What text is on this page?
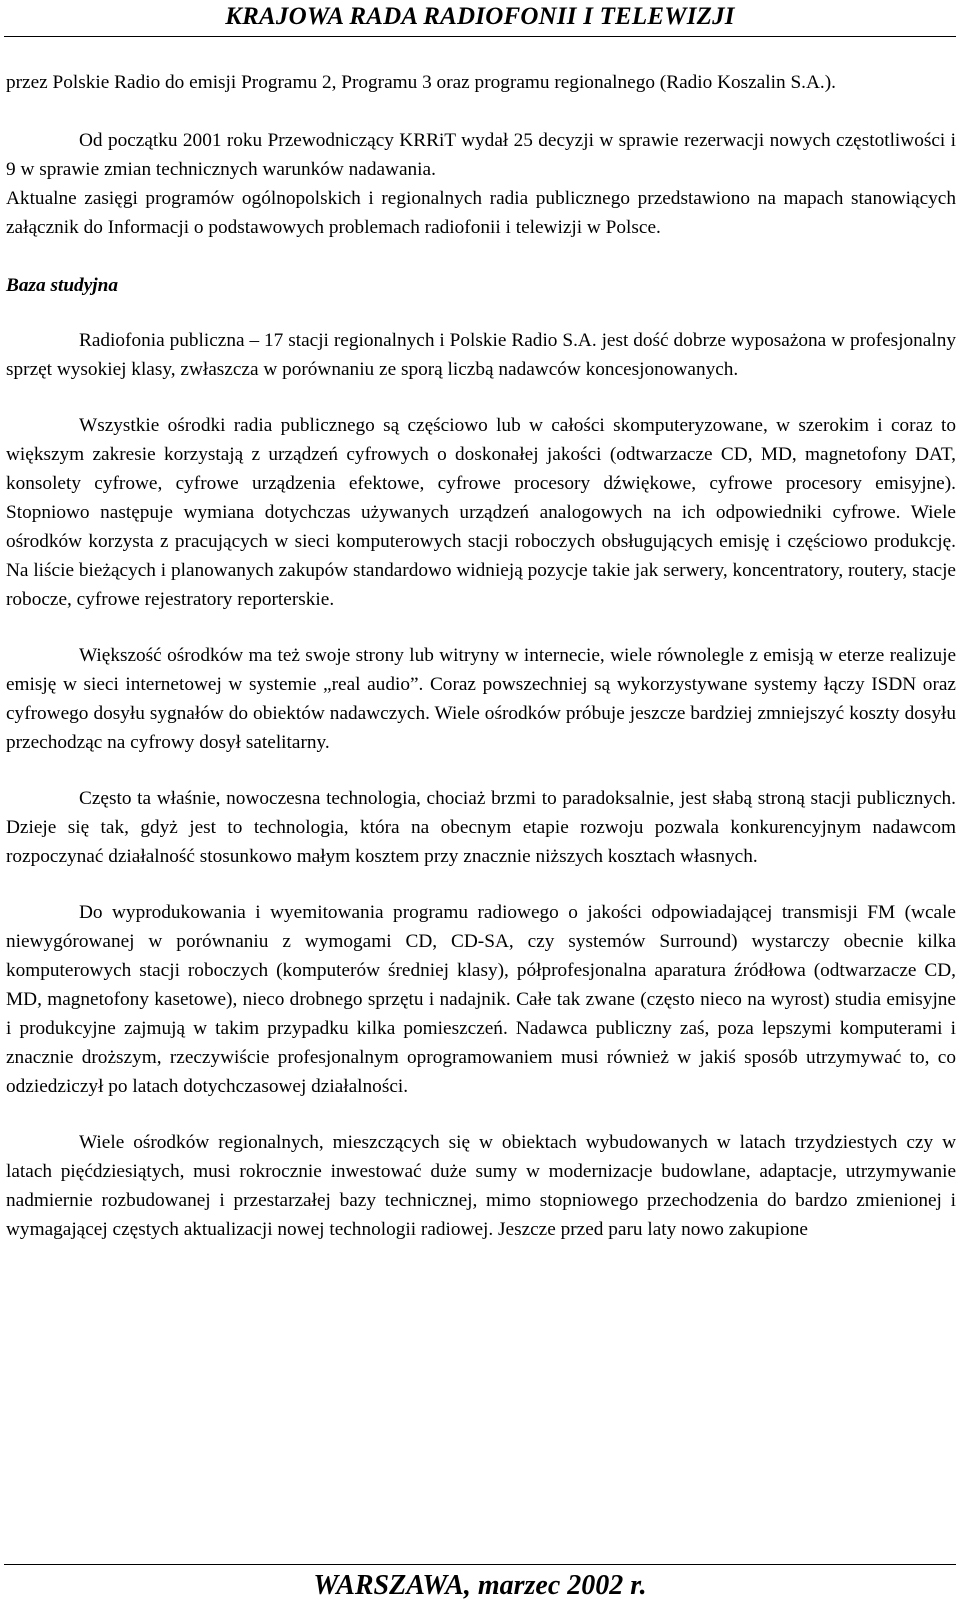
KRAJOWA RADA RADIOFONII I TELEWIZJI

przez Polskie Radio do emisji Programu 2, Programu 3 oraz programu regionalnego (Radio Koszalin S.A.).

Od początku 2001 roku Przewodniczący KRRiT wydał 25 decyzji w sprawie rezerwacji nowych częstotliwości i 9 w sprawie zmian technicznych warunków nadawania.

Aktualne zasięgi programów ogólnopolskich i regionalnych radia publicznego przedstawiono na mapach stanowiących załącznik do Informacji o podstawowych problemach radiofonii i telewizji w Polsce.

Baza studyjna

Radiofonia publiczna – 17 stacji regionalnych i Polskie Radio S.A. jest dość dobrze wyposażona w profesjonalny sprzęt wysokiej klasy, zwłaszcza w porównaniu ze sporą liczbą nadawców koncesjonowanych.

Wszystkie ośrodki radia publicznego są częściowo lub w całości skomputeryzowane, w szerokim i coraz to większym zakresie korzystają z urządzeń cyfrowych o doskonałej jakości (odtwarzacze CD, MD, magnetofony DAT, konsolety cyfrowe, cyfrowe urządzenia efektowe, cyfrowe procesory dźwiękowe, cyfrowe procesory emisyjne). Stopniowo następuje wymiana dotychczas używanych urządzeń analogowych na ich odpowiedniki cyfrowe. Wiele ośrodków korzysta z pracujących w sieci komputerowych stacji roboczych obsługujących emisję i częściowo produkcję. Na liście bieżących i planowanych zakupów standardowo widnieją pozycje takie jak serwery, koncentratory, routery, stacje robocze, cyfrowe rejestratory reporterskie.

Większość ośrodków ma też swoje strony lub witryny w internecie, wiele równolegle z emisją w eterze realizuje emisję w sieci internetowej w systemie „real audio”. Coraz powszechniej są wykorzystywane systemy łączy ISDN oraz cyfrowego dosyłu sygnałów do obiektów nadawczych. Wiele ośrodków próbuje jeszcze bardziej zmniejszyć koszty dosyłu przechodząc na cyfrowy dosył satelitarny.

Często ta właśnie, nowoczesna technologia, chociaż brzmi to paradoksalnie, jest słabą stroną stacji publicznych. Dzieje się tak, gdyż jest to technologia, która na obecnym etapie rozwoju pozwala konkurencyjnym nadawcom rozpoczynać działalność stosunkowo małym kosztem przy znacznie niższych kosztach własnych.

Do wyprodukowania i wyemitowania programu radiowego o jakości odpowiadającej transmisji FM (wcale niewygórowanej w porównaniu z wymogami CD, CD-SA, czy systemów Surround) wystarczy obecnie kilka komputerowych stacji roboczych (komputerów średniej klasy), półprofesjonalna aparatura źródłowa (odtwarzacze CD, MD, magnetofony kasetowe), nieco drobnego sprzętu i nadajnik. Całe tak zwane (często nieco na wyrost) studia emisyjne i produkcyjne zajmują w takim przypadku kilka pomieszczeń. Nadawca publiczny zaś, poza lepszymi komputerami i znacznie droższym, rzeczywiście profesjonalnym oprogramowaniem musi również w jakiś sposób utrzymywać to, co odziedziczył po latach dotychczasowej działalności.

Wiele ośrodków regionalnych, mieszczących się w obiektach wybudowanych w latach trzydziestych czy w latach pięćdziesiątych, musi rokrocznie inwestować duże sumy w modernizacje budowlane, adaptacje, utrzymywanie nadmiernie rozbudowanej i przestarzałej bazy technicznej, mimo stopniowego przechodzenia do bardzo zmienionej i wymagającej częstych aktualizacji nowej technologii radiowej. Jeszcze przed paru laty nowo zakupione

WARSZAWA, marzec 2002 r.
